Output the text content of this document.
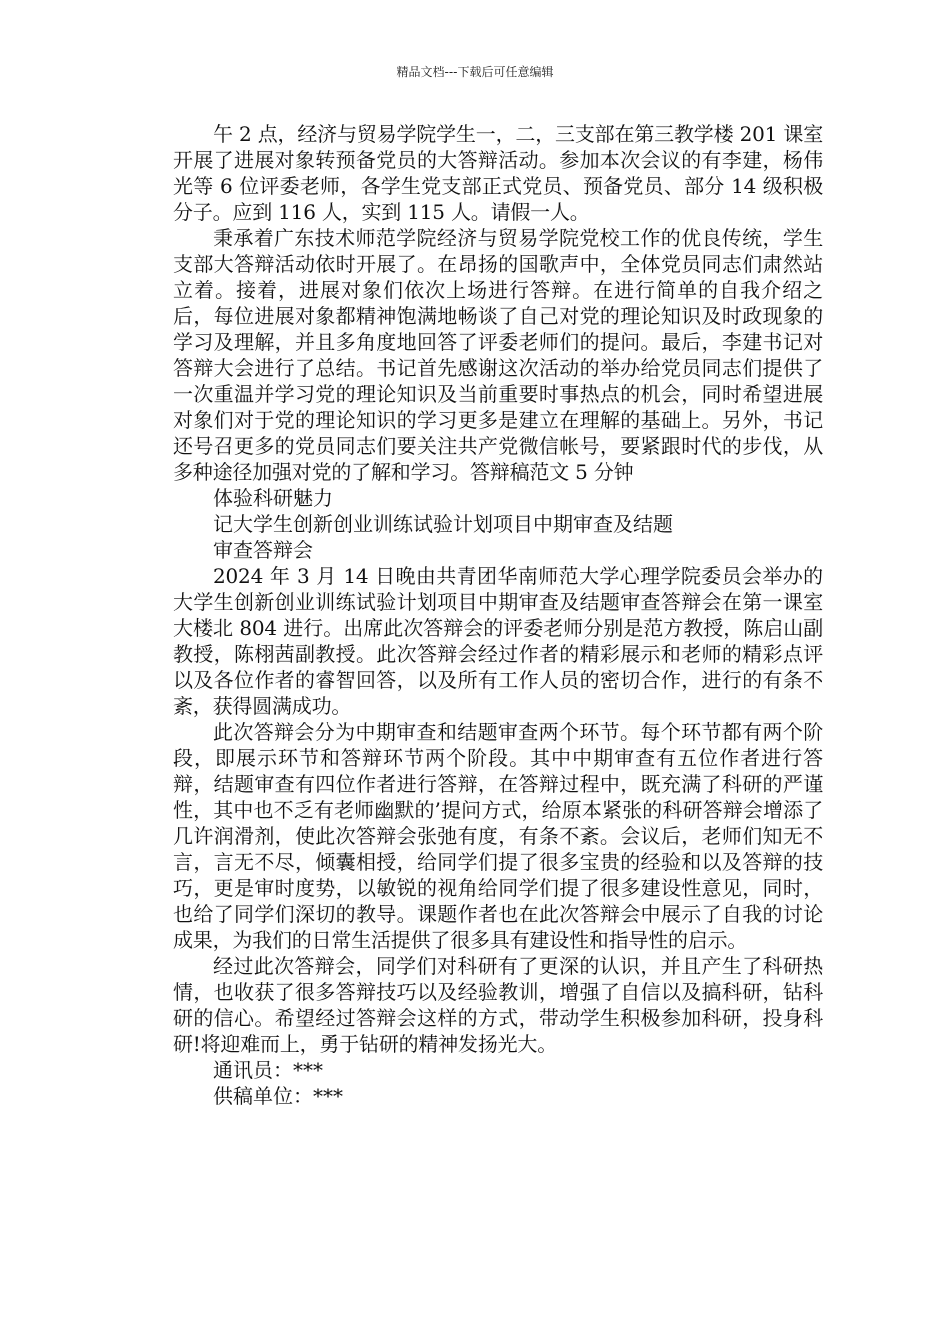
精品文档---下载后可任意编辑

午 2 点，经济与贸易学院学生一，二，三支部在第三教学楼 201 课室开展了进展对象转预备党员的大答辩活动。参加本次会议的有李建，杨伟光等 6 位评委老师，各学生党支部正式党员、预备党员、部分 14 级积极分子。应到 116 人，实到 115 人。请假一人。

秉承着广东技术师范学院经济与贸易学院党校工作的优良传统，学生支部大答辩活动依时开展了。在昂扬的国歌声中，全体党员同志们肃然站立着。接着，进展对象们依次上场进行答辩。在进行简单的自我介绍之后，每位进展对象都精神饱满地畅谈了自己对党的理论知识及时政现象的学习及理解，并且多角度地回答了评委老师们的提问。最后，李建书记对答辩大会进行了总结。书记首先感谢这次活动的举办给党员同志们提供了一次重温并学习党的理论知识及当前重要时事热点的机会，同时希望进展对象们对于党的理论知识的学习更多是建立在理解的基础上。另外，书记还号召更多的党员同志们要关注共产党微信帐号，要紧跟时代的步伐，从多种途径加强对党的了解和学习。答辩稿范文 5 分钟

体验科研魅力

记大学生创新创业训练试验计划项目中期审查及结题

审查答辩会

2024 年 3 月 14 日晚由共青团华南师范大学心理学院委员会举办的大学生创新创业训练试验计划项目中期审查及结题审查答辩会在第一课室大楼北 804 进行。出席此次答辩会的评委老师分别是范方教授，陈启山副教授，陈栩茜副教授。此次答辩会经过作者的精彩展示和老师的精彩点评以及各位作者的睿智回答，以及所有工作人员的密切合作，进行的有条不紊，获得圆满成功。

此次答辩会分为中期审查和结题审查两个环节。每个环节都有两个阶段，即展示环节和答辩环节两个阶段。其中中期审查有五位作者进行答辩，结题审查有四位作者进行答辩，在答辩过程中，既充满了科研的严谨性，其中也不乏有老师幽默的’提问方式，给原本紧张的科研答辩会增添了几许润滑剂，使此次答辩会张弛有度，有条不紊。会议后，老师们知无不言，言无不尽，倾囊相授，给同学们提了很多宝贵的经验和以及答辩的技巧，更是审时度势，以敏锐的视角给同学们提了很多建设性意见，同时，也给了同学们深切的教导。课题作者也在此次答辩会中展示了自我的讨论成果，为我们的日常生活提供了很多具有建设性和指导性的启示。

经过此次答辩会，同学们对科研有了更深的认识，并且产生了科研热情，也收获了很多答辩技巧以及经验教训，增强了自信以及搞科研，钻科研的信心。希望经过答辩会这样的方式，带动学生积极参加科研，投身科研!将迎难而上，勇于钻研的精神发扬光大。

通讯员：***

供稿单位：***
